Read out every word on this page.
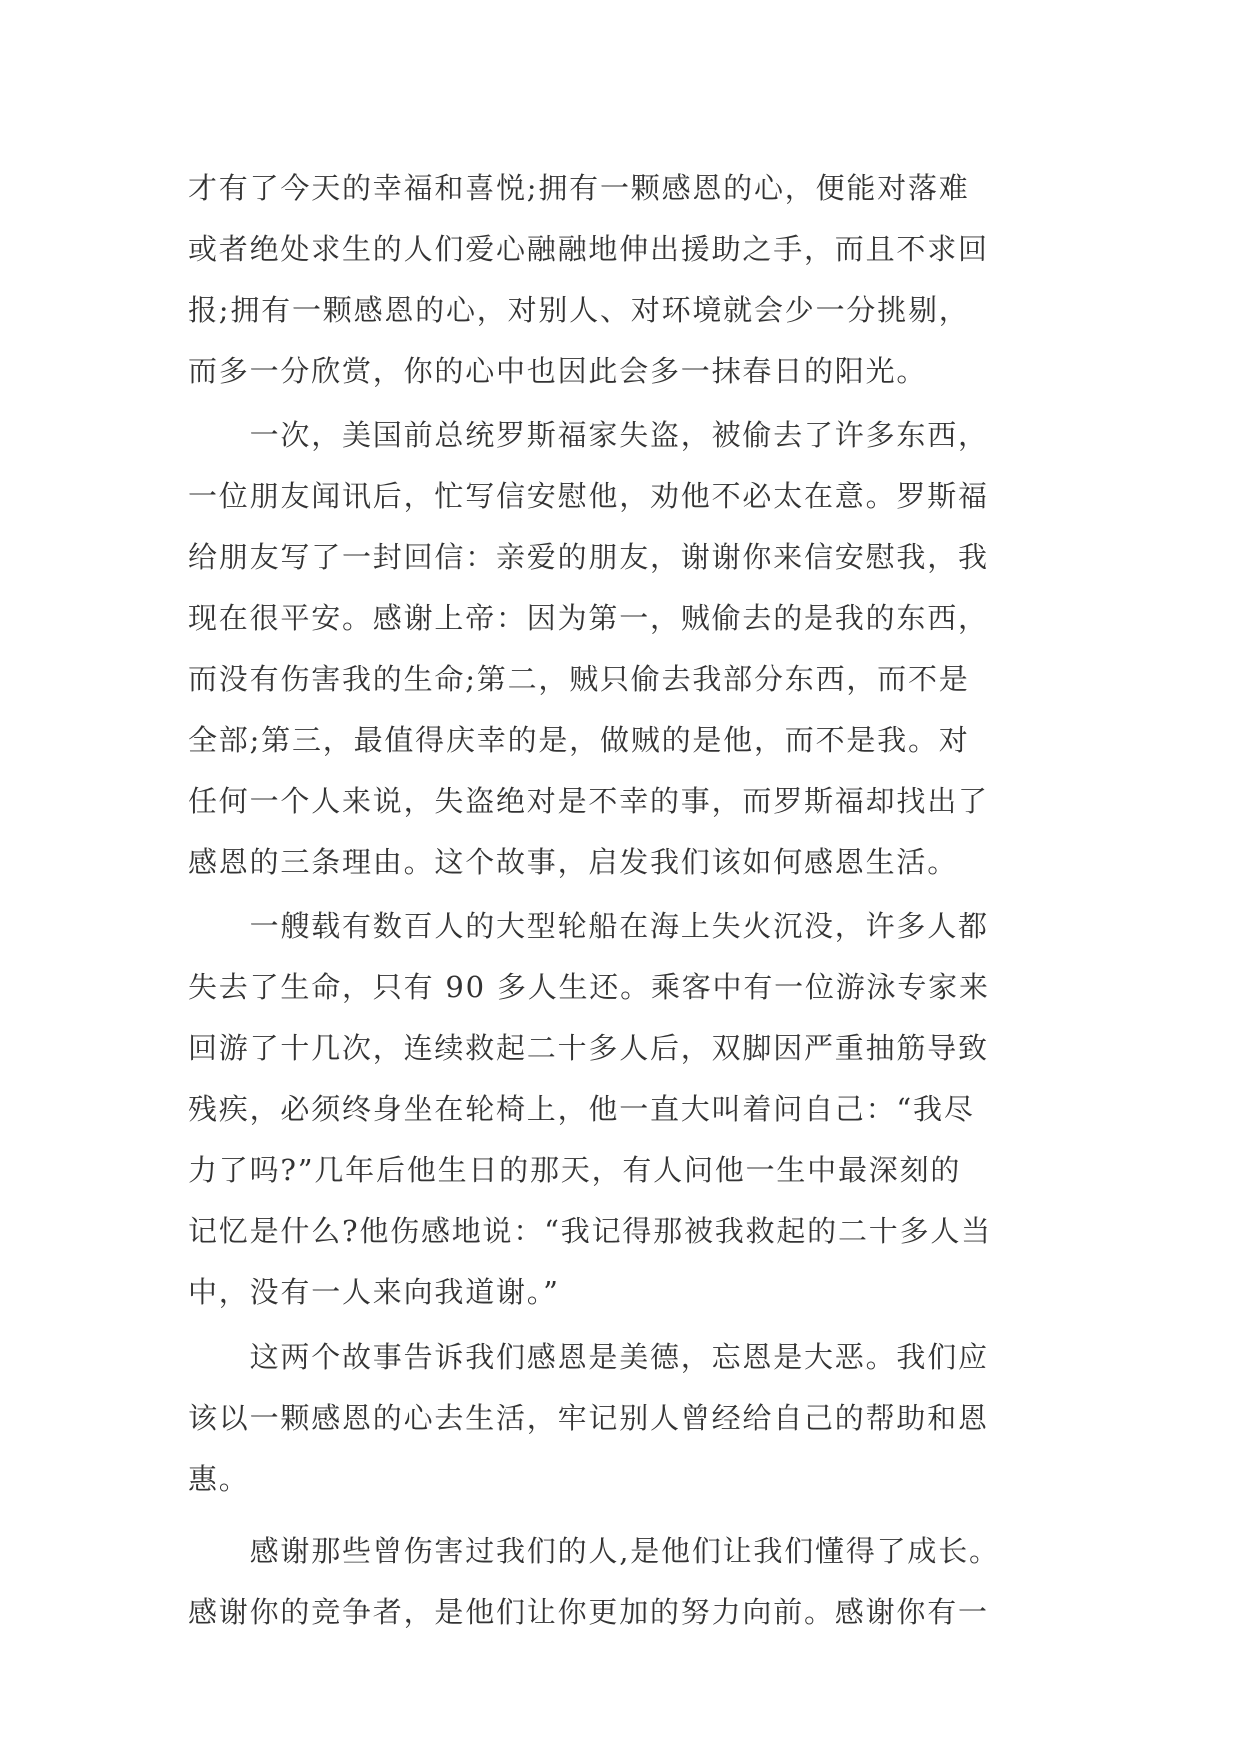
才有了今天的幸福和喜悦;拥有一颗感恩的心，便能对落难
或者绝处求生的人们爱心融融地伸出援助之手，而且不求回
报;拥有一颗感恩的心，对别人、对环境就会少一分挑剔，
而多一分欣赏，你的心中也因此会多一抹春日的阳光。
　　一次，美国前总统罗斯福家失盗，被偷去了许多东西，
一位朋友闻讯后，忙写信安慰他，劝他不必太在意。罗斯福
给朋友写了一封回信：亲爱的朋友，谢谢你来信安慰我，我
现在很平安。感谢上帝：因为第一，贼偷去的是我的东西，
而没有伤害我的生命;第二，贼只偷去我部分东西，而不是
全部;第三，最值得庆幸的是，做贼的是他，而不是我。对
任何一个人来说，失盗绝对是不幸的事，而罗斯福却找出了
感恩的三条理由。这个故事，启发我们该如何感恩生活。
　　一艘载有数百人的大型轮船在海上失火沉没，许多人都
失去了生命，只有 90 多人生还。乘客中有一位游泳专家来
回游了十几次，连续救起二十多人后，双脚因严重抽筋导致
残疾，必须终身坐在轮椅上，他一直大叫着问自己：“我尽
力了吗?”几年后他生日的那天，有人问他一生中最深刻的
记忆是什么?他伤感地说：“我记得那被我救起的二十多人当
中，没有一人来向我道谢。”
　　这两个故事告诉我们感恩是美德，忘恩是大恶。我们应
该以一颗感恩的心去生活，牢记别人曾经给自己的帮助和恩
惠。
　　感谢那些曾伤害过我们的人,是他们让我们懂得了成长。
感谢你的竞争者，是他们让你更加的努力向前。感谢你有一
